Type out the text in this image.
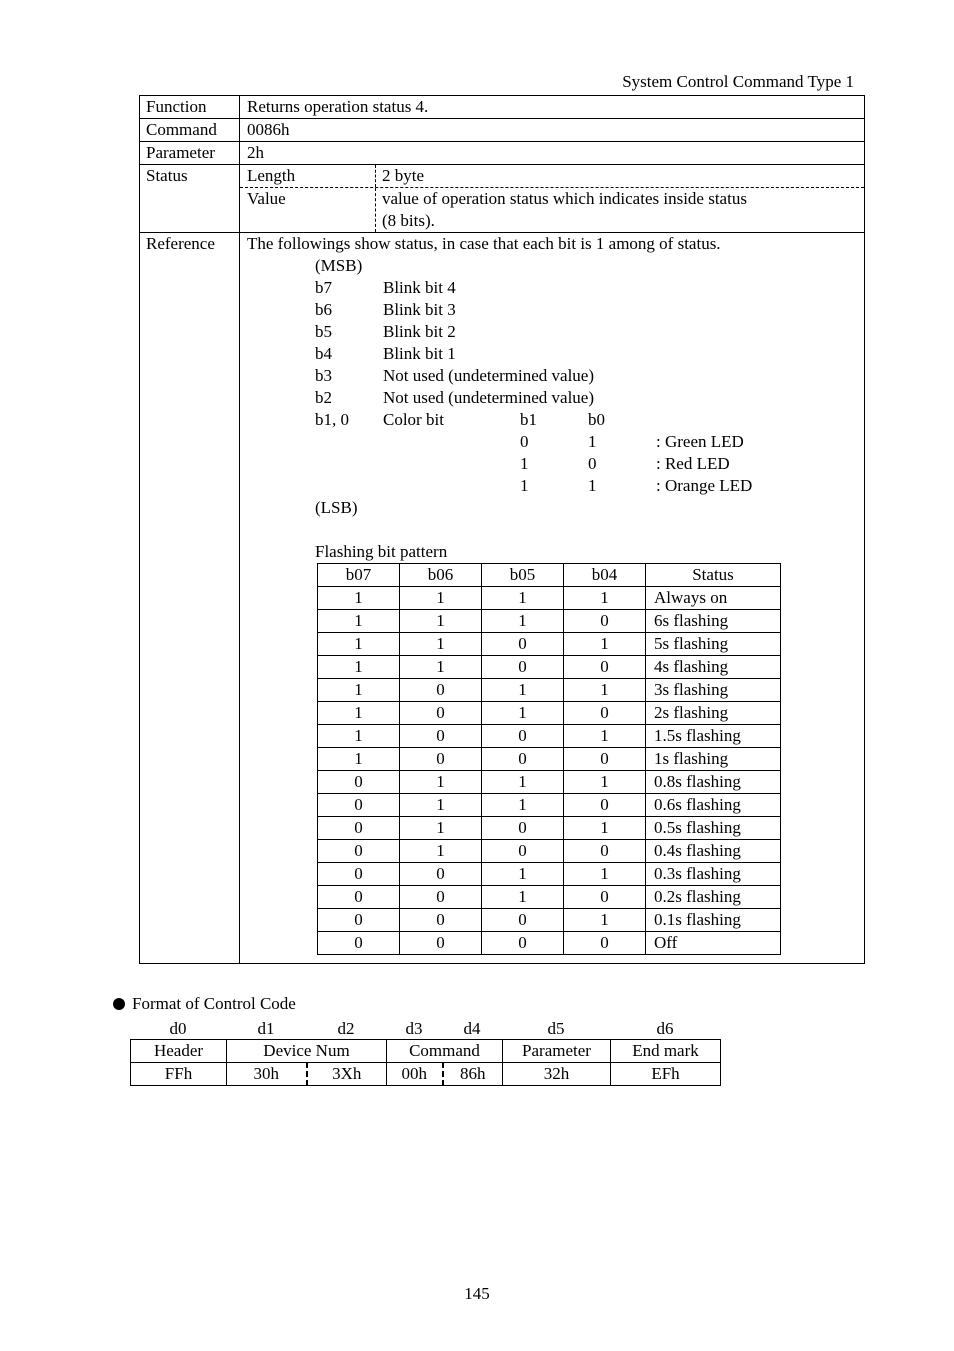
System Control Command Type 1
Function	Returns operation status 4.
Command	0086h
Parameter	2h
Status	Length	2 byte
Value	value of operation status which indicates inside status
(8 bits).
Reference	The followings show status, in case that each bit is 1 among of status.
(MSB)
b7	Blink bit 4
b6	Blink bit 3
b5	Blink bit 2
b4	Blink bit 1
b3	Not used (undetermined value)
b2	Not used (undetermined value)
b1, 0 Color bit	b1	b0
0	1	: Green LED
1	0	: Red LED
1	1	: Orange LED
(LSB)
Flashing bit pattern
b07	b06	b05	b04	Status
1	1	1	1	Always on
1	1	1	0	6s flashing
1	1	0	1	5s flashing
1	1	0	0	4s flashing
1	0	1	1	3s flashing
1	0	1	0	2s flashing
1	0	0	1	1.5s flashing
1	0	0	0	1s flashing
0	1	1	1	0.8s flashing
0	1	1	0	0.6s flashing
0	1	0	1	0.5s flashing
0	1	0	0	0.4s flashing
0	0	1	1	0.3s flashing
0	0	1	0	0.2s flashing
0	0	0	1	0.1s flashing
0	0	0	0	Off
Format of Control Code
d0	d1	d2	d3 d4	d5	d6
Header	Device Num		Command		Parameter	End mark
FFh	30h	3Xh	00h	86h	32h	EFh
145
